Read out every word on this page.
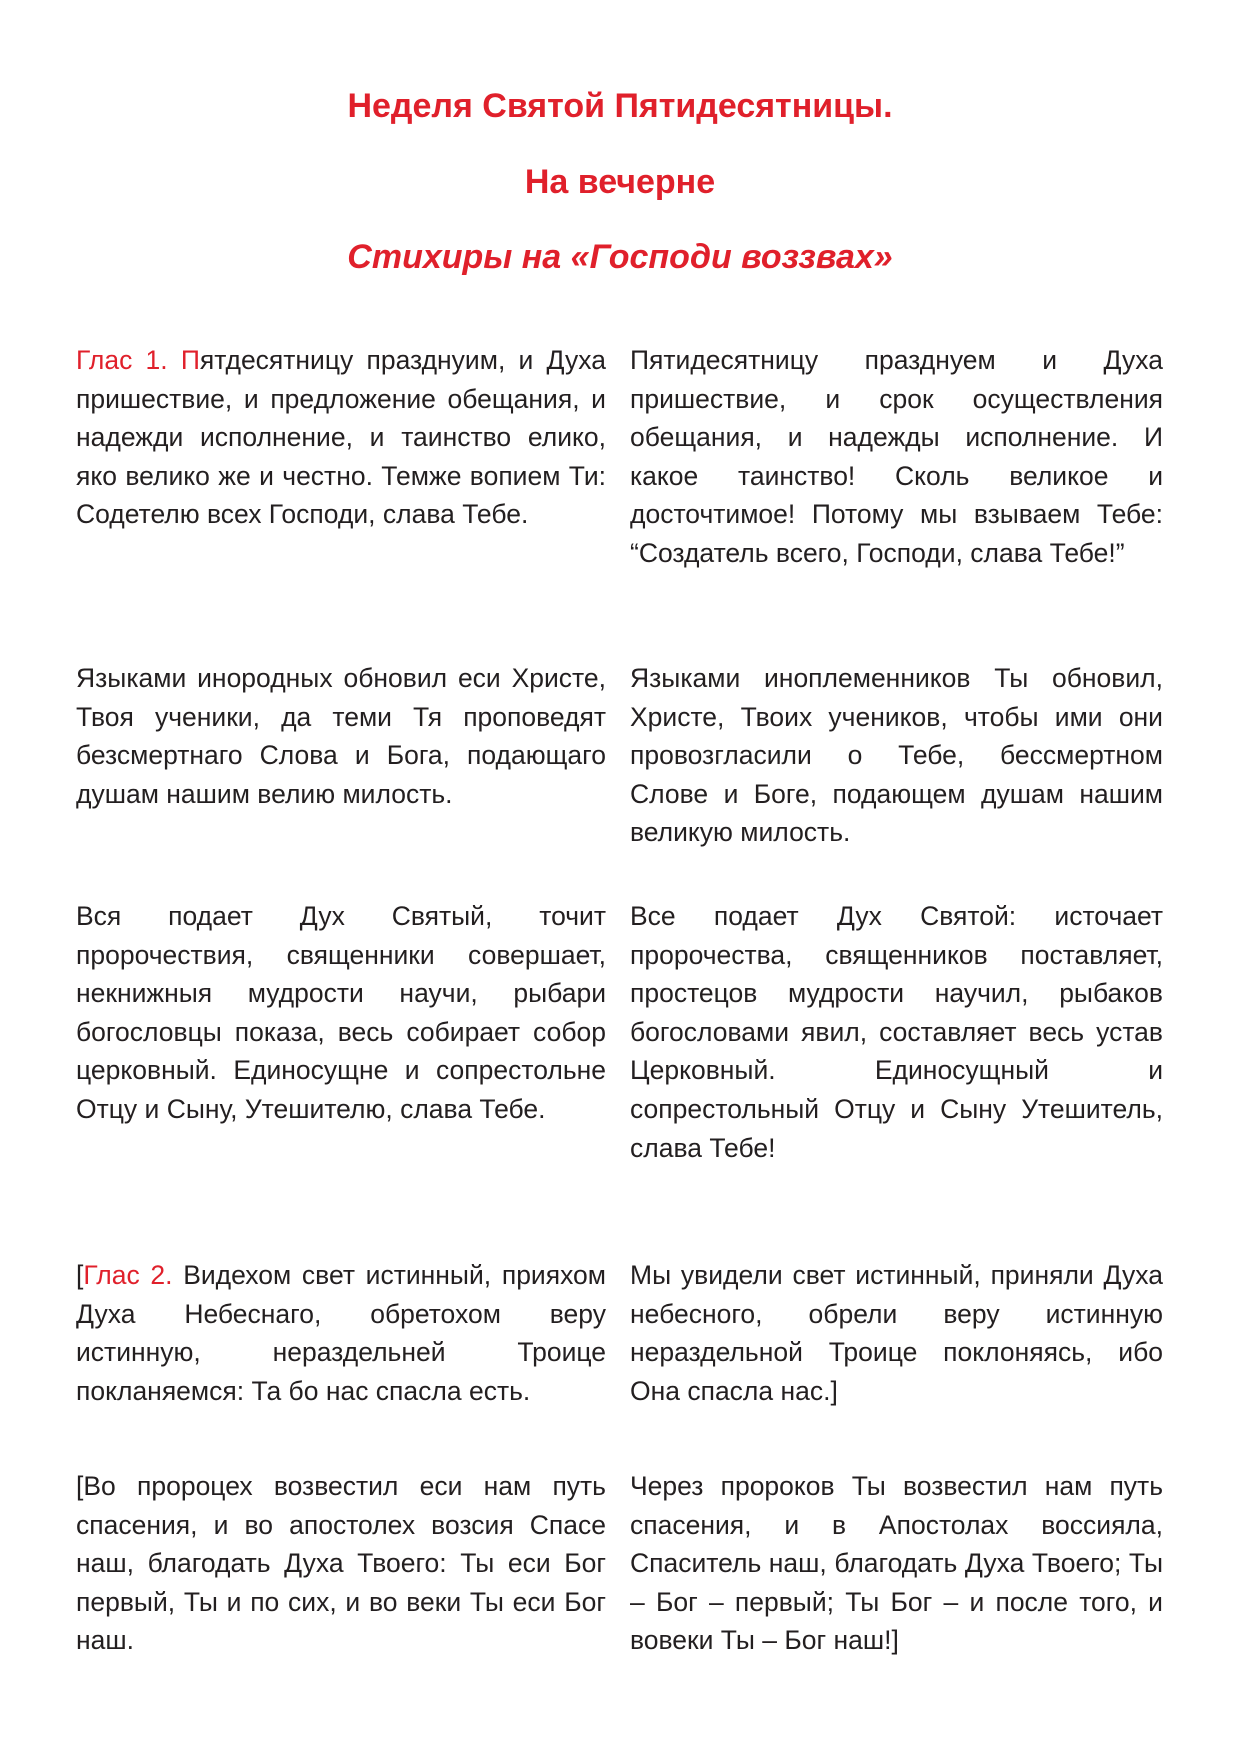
Неделя Святой Пятидесятницы.
На вечерне
Стихиры на «Господи воззвах»

Глас 1. Пятдесятницу празднуим, и Духа пришествие, и предложение обещания, и надежди исполнение, и таинство елико, яко велико же и честно. Темже вопием Ти: Содетелю всех Господи, слава Тебе.

Пятидесятницу празднуем и Духа пришествие, и срок осуществления обещания, и надежды исполнение. И какое таинство! Сколь великое и досточтимое! Потому мы взываем Тебе: “Создатель всего, Господи, слава Тебе!”

Языками инородных обновил еси Христе, Твоя ученики, да теми Тя проповедят безсмертнаго Слова и Бога, подающаго душам нашим велию милость.

Языками иноплеменников Ты обновил, Христе, Твоих учеников, чтобы ими они провозгласили о Тебе, бессмертном Слове и Боге, подающем душам нашим великую милость.

Вся подает Дух Святый, точит пророчествия, священники совершает, некнижныя мудрости научи, рыбари богословцы показа, весь собирает собор церковный. Единосущне и сопрестольне Отцу и Сыну, Утешителю, слава Тебе.

Все подает Дух Святой: источает пророчества, священников поставляет, простецов мудрости научил, рыбаков богословами явил, составляет весь устав Церковный. Единосущный и сопрестольный Отцу и Сыну Утешитель, слава Тебе!

[Глас 2. Видехом свет истинный, прияхом Духа Небеснаго, обретохом веру истинную, нераздельней Троице покланяемся: Та бо нас спасла есть.

Мы увидели свет истинный, приняли Духа небесного, обрели веру истинную нераздельной Троице поклоняясь, ибо Она спасла нас.]

[Во пророцех возвестил еси нам путь спасения, и во апостолех возсия Спасе наш, благодать Духа Твоего: Ты еси Бог первый, Ты и по сих, и во веки Ты еси Бог наш.

Через пророков Ты возвестил нам путь спасения, и в Апостолах воссияла, Спаситель наш, благодать Духа Твоего; Ты – Бог – первый; Ты Бог – и после того, и вовеки Ты – Бог наш!]
